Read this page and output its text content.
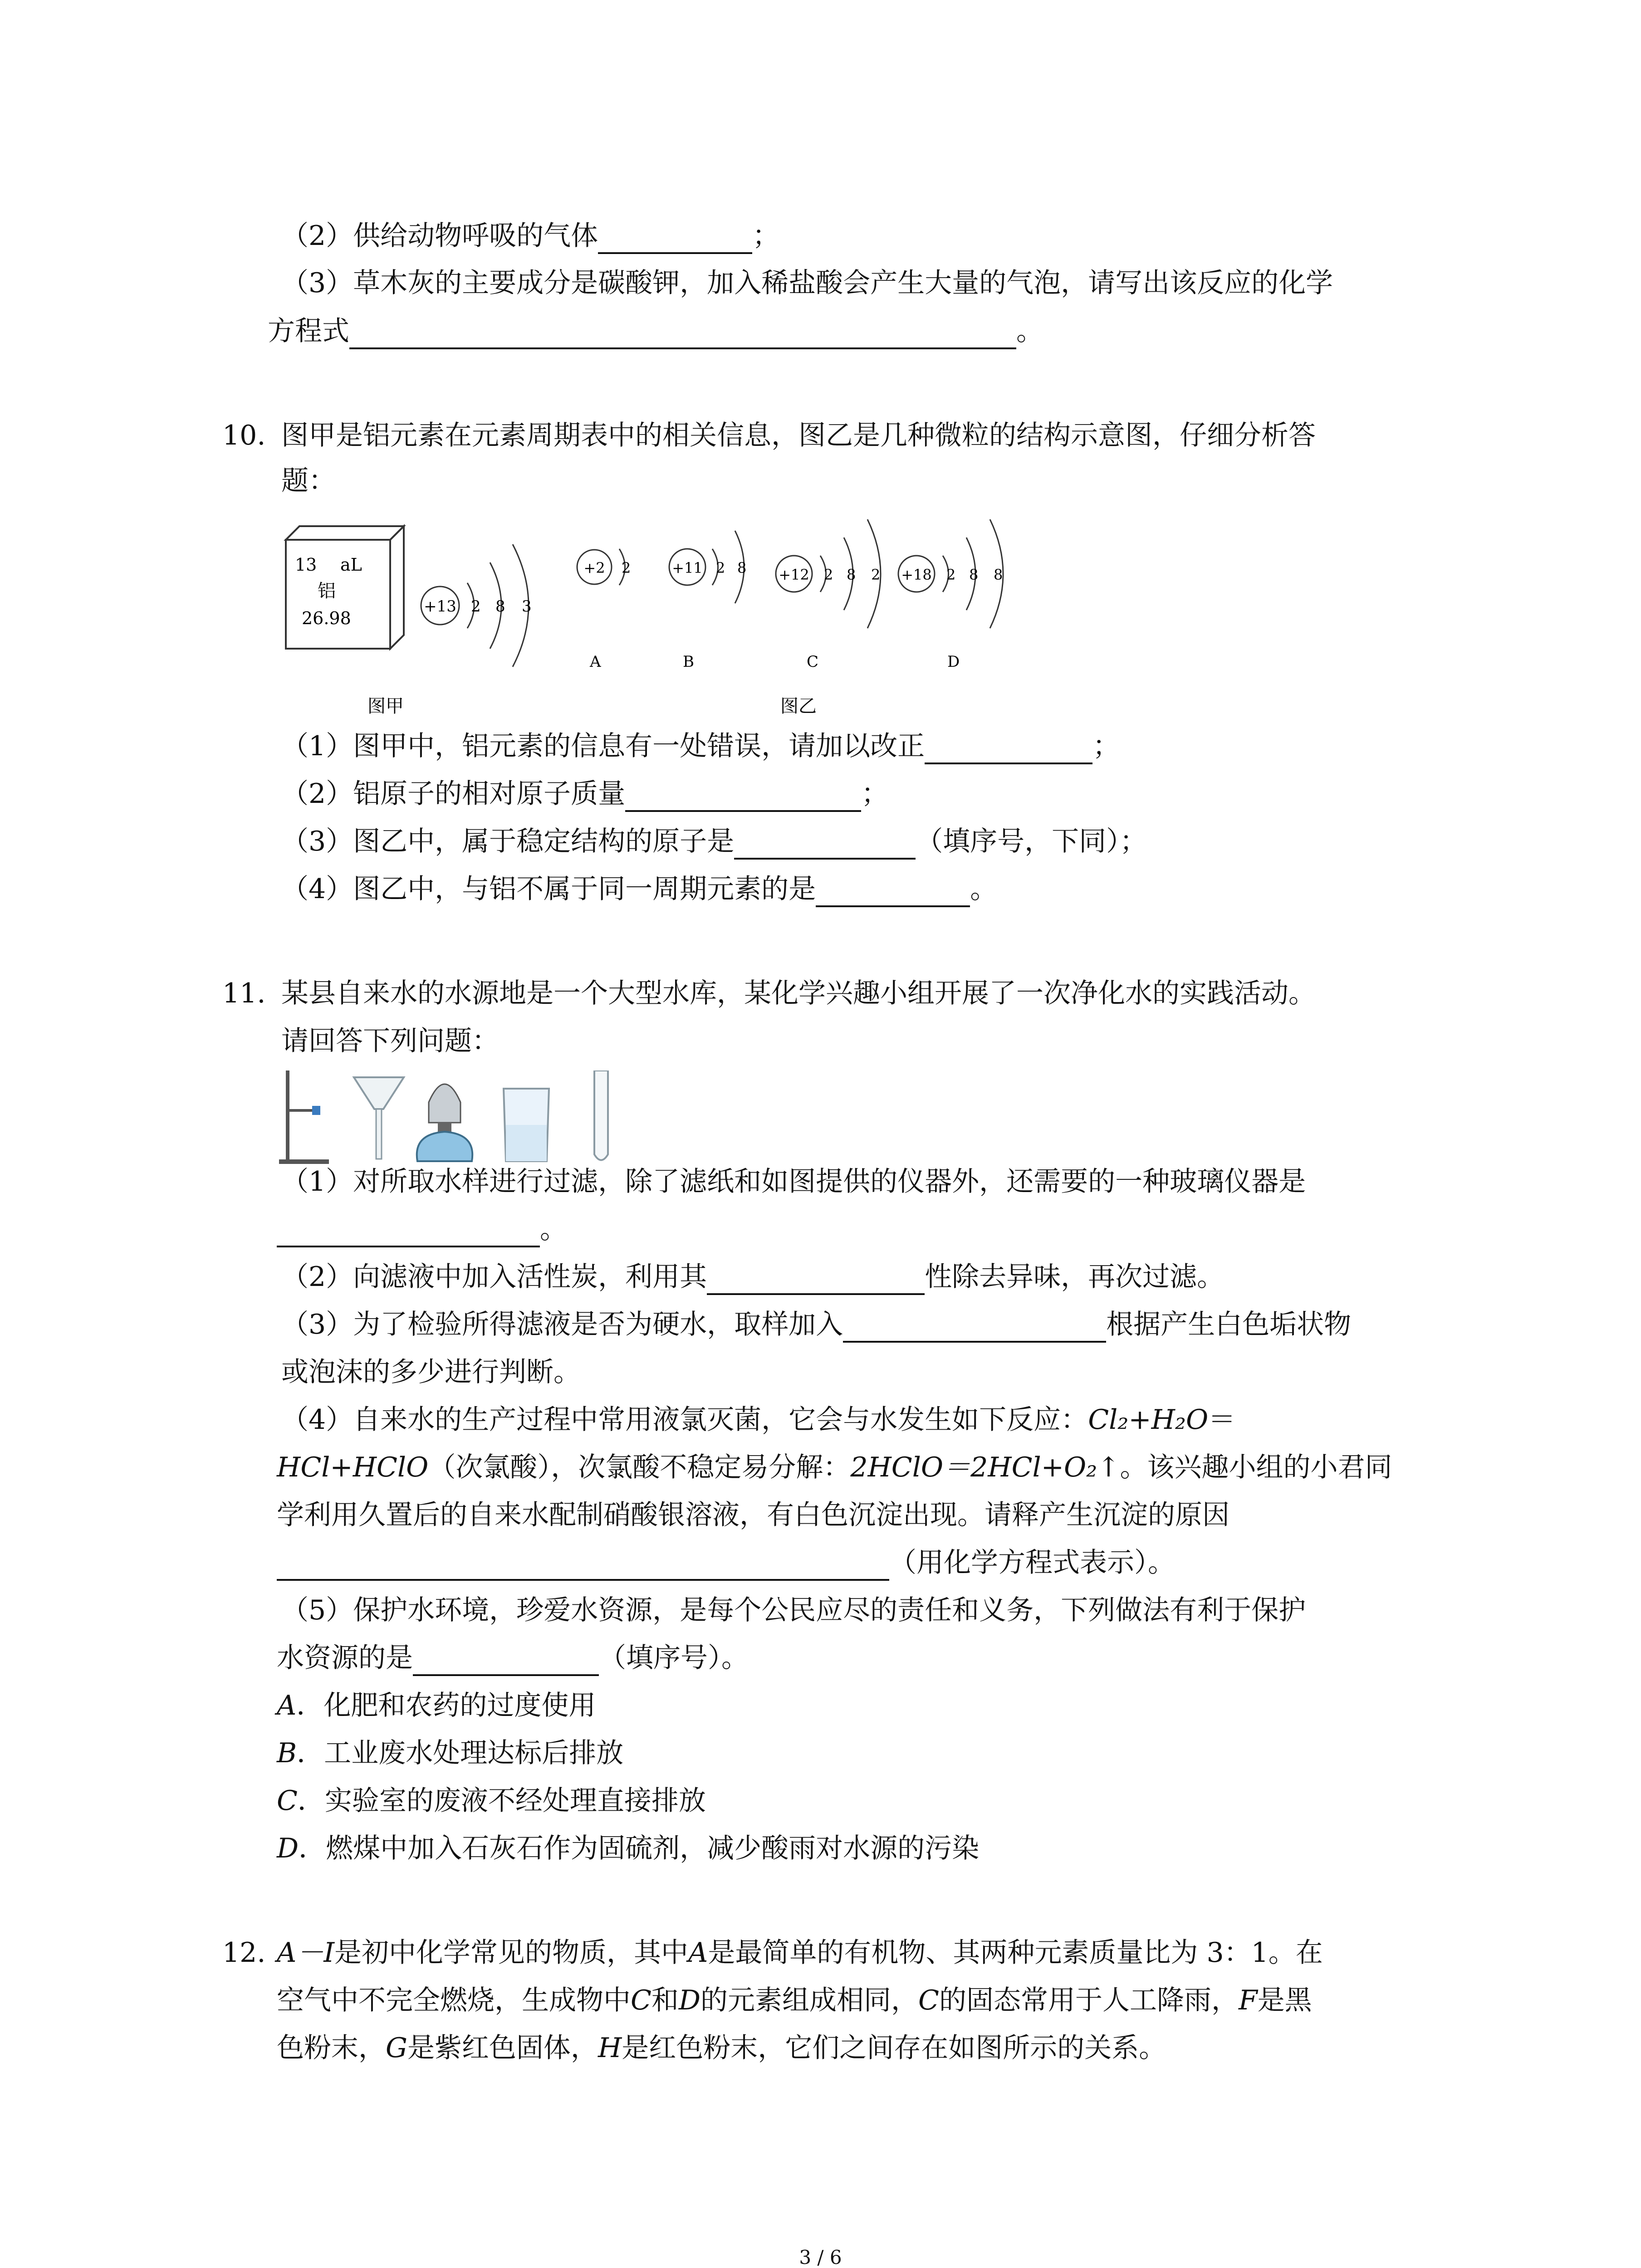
（2）供给动物呼吸的气体	；
（3）草木灰的主要成分是碳酸钾，加入稀盐酸会产生大量的气泡，请写出该反应的化学
方程式	。
10. 图甲是铝元素在元素周期表中的相关信息，图乙是几种微粒的结构示意图，仔细分析答
题：
13 aL
铝
26.98
+13 2 8 3
+2 2
A
+11 2 8
B
+12 2 8 2
C
+18 2 8 8
D
图甲	图乙
（1）图甲中，铝元素的信息有一处错误，请加以改正	；
（2）铝原子的相对原子质量	；
（3）图乙中，属于稳定结构的原子是	（填序号，下同）；
（4）图乙中，与铝不属于同一周期元素的是	。
11. 某县自来水的水源地是一个大型水库，某化学兴趣小组开展了一次净化水的实践活动。
请回答下列问题：
（1）对所取水样进行过滤，除了滤纸和如图提供的仪器外，还需要的一种玻璃仪器是
。
（2）向滤液中加入活性炭，利用其	性除去异味，再次过滤。
（3）为了检验所得滤液是否为硬水，取样加入	根据产生白色垢状物
或泡沫的多少进行判断。
（4）自来水的生产过程中常用液氯灭菌，它会与水发生如下反应：Cl₂+H₂O＝
HCl+HClO（次氯酸），次氯酸不稳定易分解：2HClO＝2HCl+O₂↑。该兴趣小组的小君同
学利用久置后的自来水配制硝酸银溶液，有白色沉淀出现。请释产生沉淀的原因
（用化学方程式表示）。
（5）保护水环境，珍爱水资源，是每个公民应尽的责任和义务，下列做法有利于保护
水资源的是	（填序号）。
A．化肥和农药的过度使用
B．工业废水处理达标后排放
C．实验室的废液不经处理直接排放
D．燃煤中加入石灰石作为固硫剂，减少酸雨对水源的污染
12. A－I是初中化学常见的物质，其中A是最简单的有机物、其两种元素质量比为 3：1。在
空气中不完全燃烧，生成物中C和D的元素组成相同，C的固态常用于人工降雨，F是黑
色粉末，G是紫红色固体，H是红色粉末，它们之间存在如图所示的关系。
3 / 6
